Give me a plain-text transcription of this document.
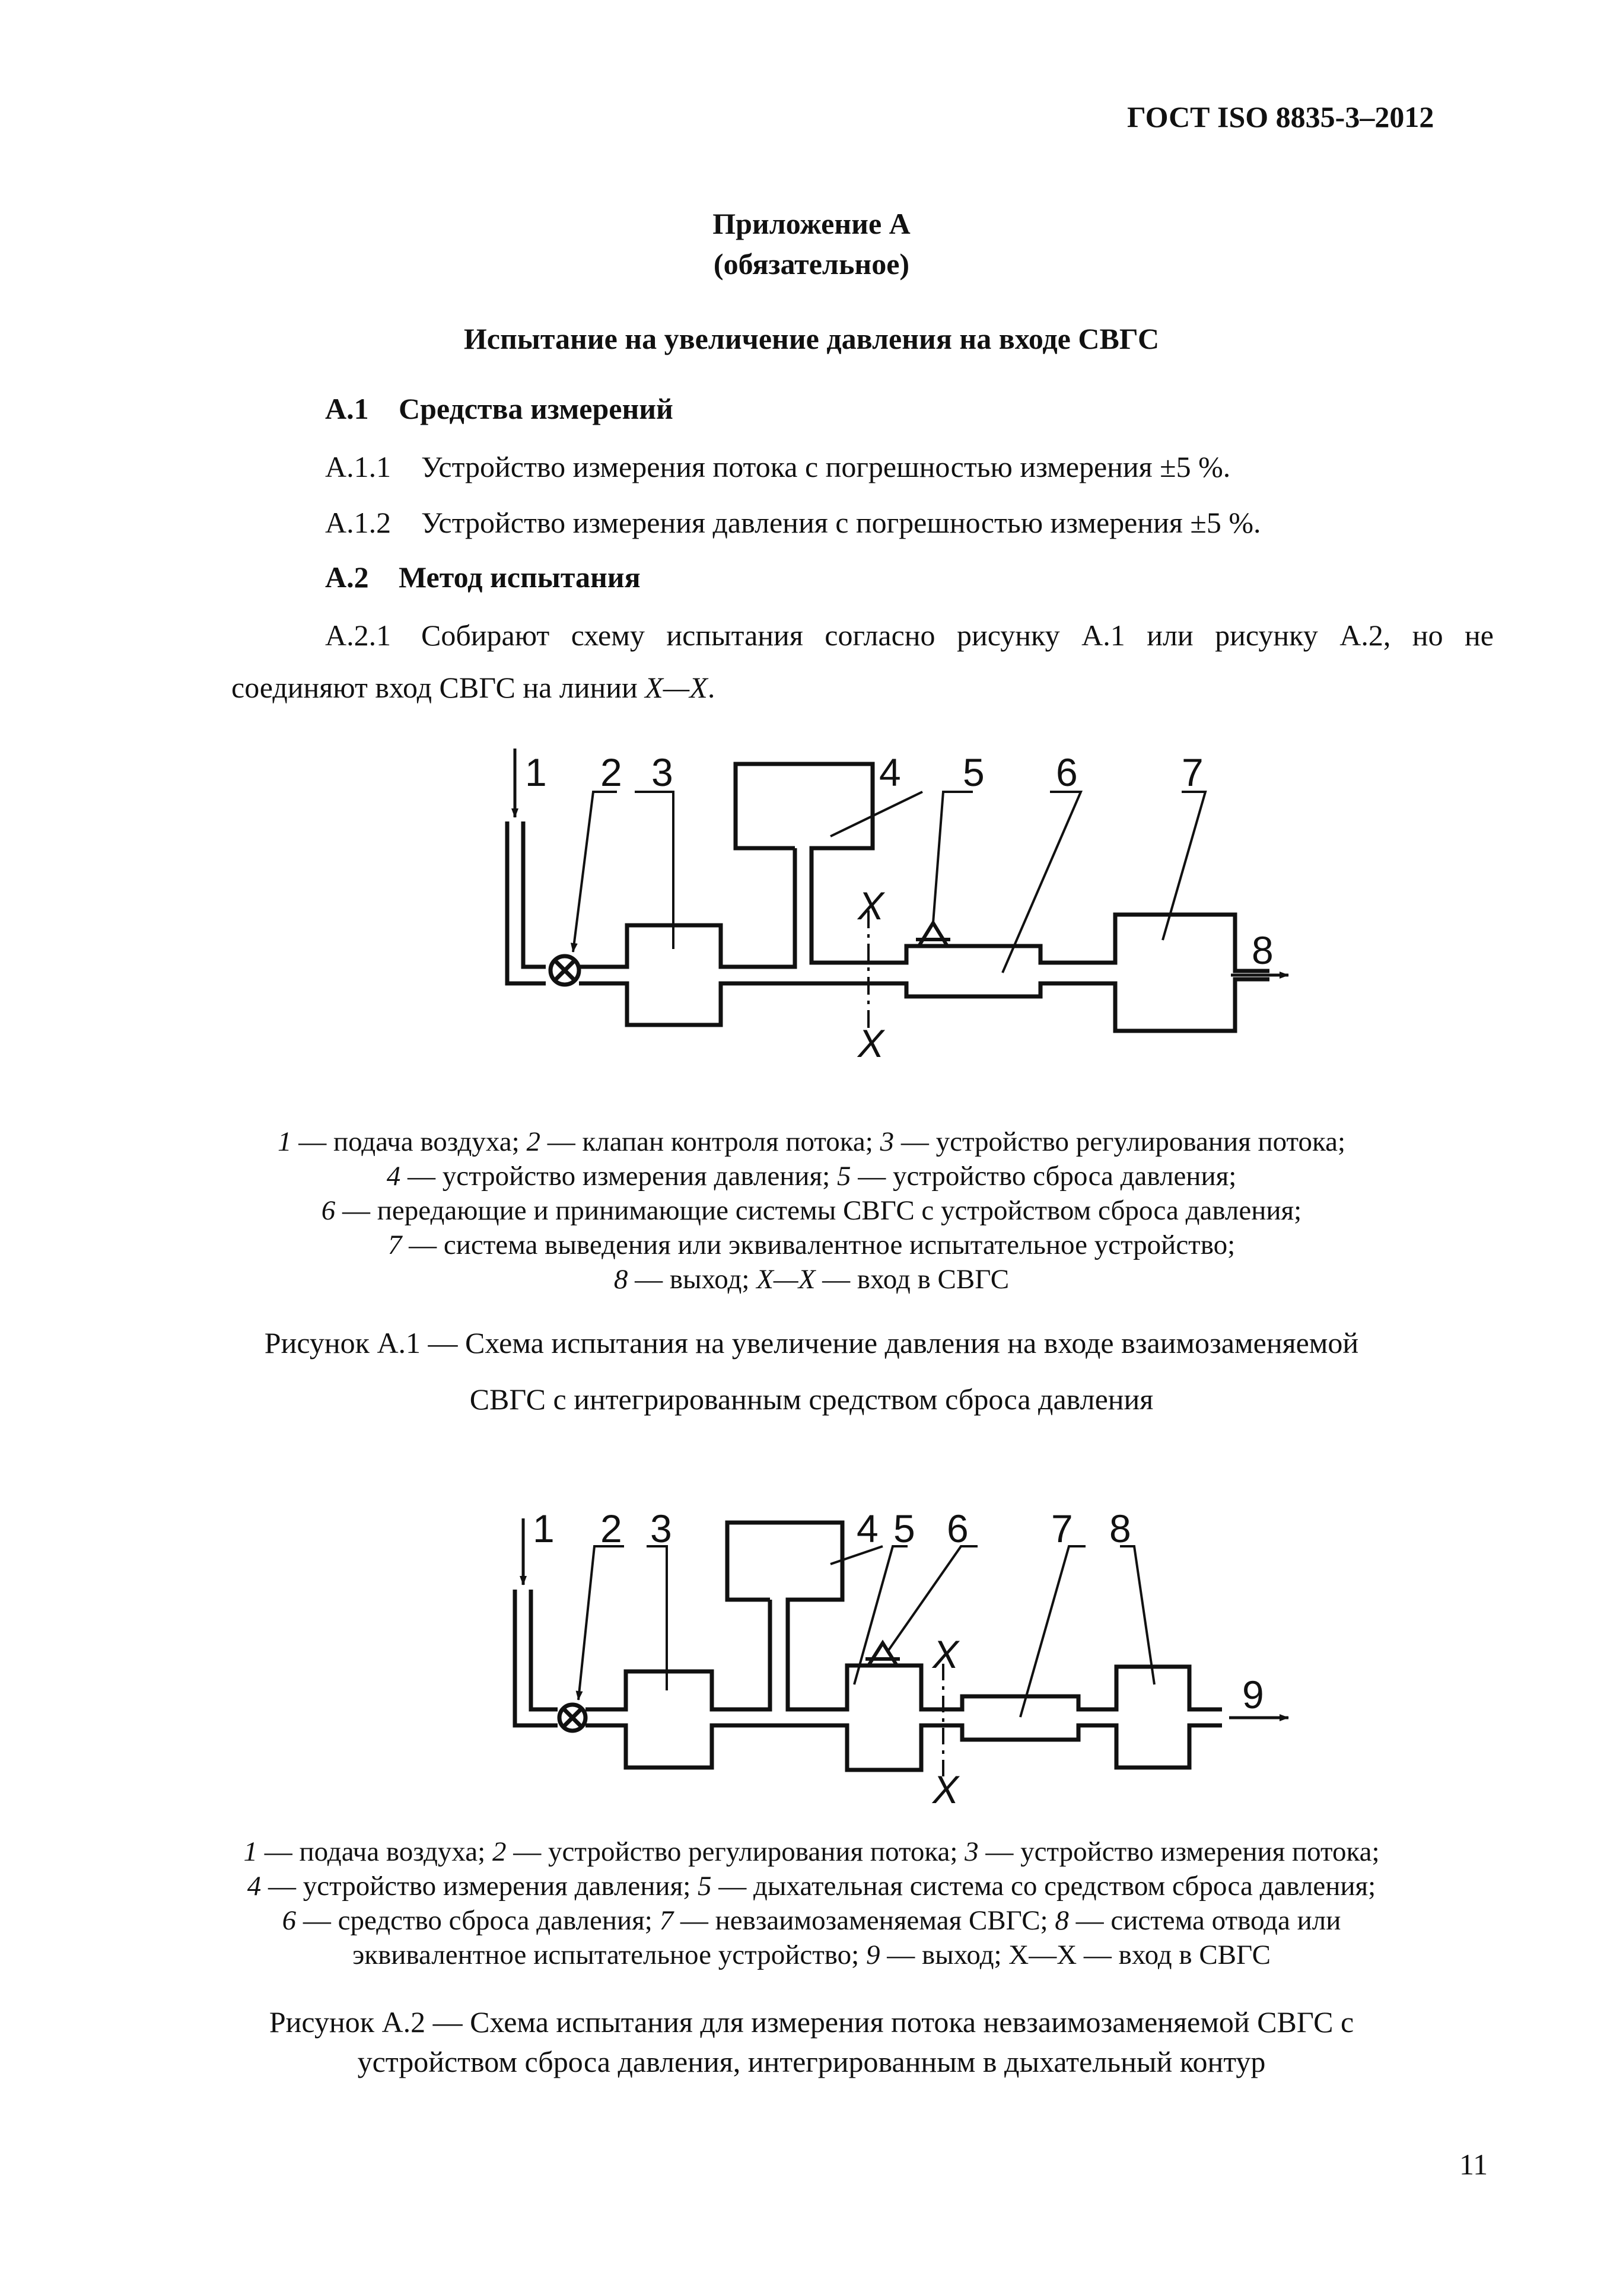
ГОСТ ISO 8835-3–2012
Приложение А
(обязательное)
Испытание на увеличение давления на входе СВГС
А.1 Средства измерений
А.1.1 Устройство измерения потока с погрешностью измерения ±5 %.
А.1.2 Устройство измерения давления с погрешностью измерения ±5 %.
А.2 Метод испытания
А.2.1 Собирают схему испытания согласно рисунку А.1 или рисунку А.2, но не
соединяют вход СВГС на линии X—X.
1 2 3	4 5 6	7
8
X
X
1 2 3	4 5 6 7 8
9
X
X
1 — подача воздуха; 2 — клапан контроля потока; 3 — устройство регулирования потока;
4 — устройство измерения давления; 5 — устройство сброса давления;
6 — передающие и принимающие системы СВГС с устройством сброса давления;
7 — система выведения или эквивалентное испытательное устройство;
8 — выход; X—X — вход в СВГС
Рисунок А.1 — Схема испытания на увеличение давления на входе взаимозаменяемой
СВГС с интегрированным средством сброса давления
1 — подача воздуха; 2 — устройство регулирования потока; 3 — устройство измерения потока;
4 — устройство измерения давления; 5 — дыхательная система со средством сброса давления;
6 — средство сброса давления; 7 — невзаимозаменяемая СВГС; 8 — система отвода или
эквивалентное испытательное устройство; 9 — выход; Х—Х — вход в СВГС
Рисунок А.2 — Схема испытания для измерения потока невзаимозаменяемой СВГС с
устройством сброса давления, интегрированным в дыхательный контур
11
